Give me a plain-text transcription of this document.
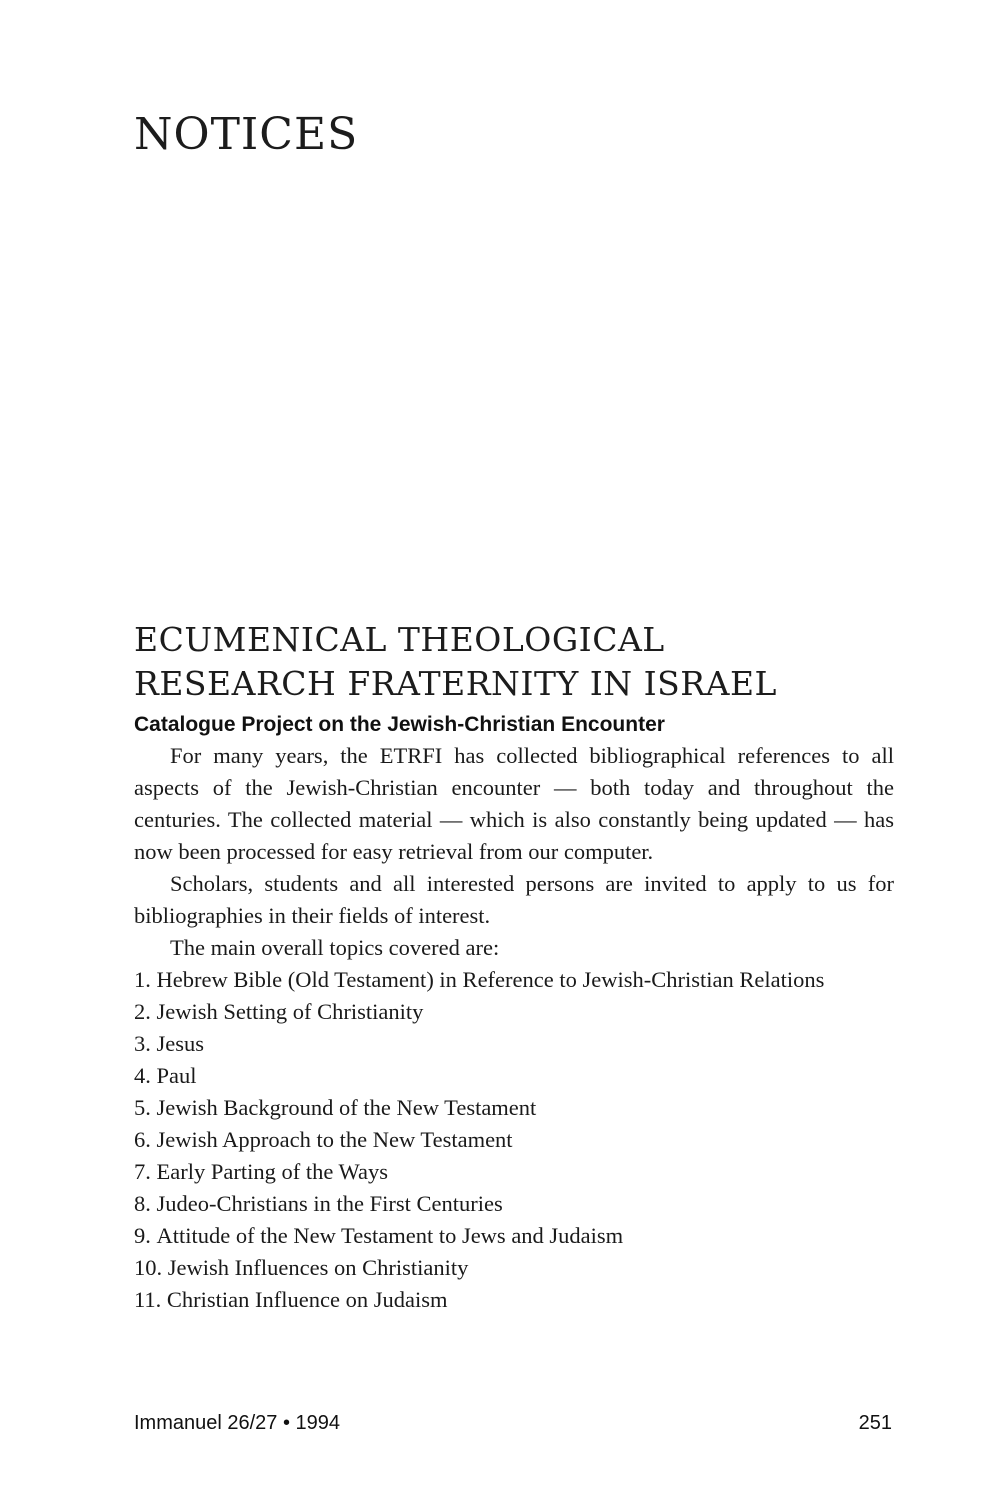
NOTICES
ECUMENICAL THEOLOGICAL
RESEARCH FRATERNITY IN ISRAEL
Catalogue Project on the Jewish-Christian Encounter

For many years, the ETRFI has collected bibliographical references to all aspects of the Jewish-Christian encounter — both today and throughout the centuries. The collected material — which is also constantly being updated — has now been processed for easy retrieval from our computer.

Scholars, students and all interested persons are invited to apply to us for bibliographies in their fields of interest.

The main overall topics covered are:

1. Hebrew Bible (Old Testament) in Reference to Jewish-Christian Relations
2. Jewish Setting of Christianity
3. Jesus
4. Paul
5. Jewish Background of the New Testament
6. Jewish Approach to the New Testament
7. Early Parting of the Ways
8. Judeo-Christians in the First Centuries
9. Attitude of the New Testament to Jews and Judaism
10. Jewish Influences on Christianity
11. Christian Influence on Judaism
Immanuel 26/27 • 1994	251
